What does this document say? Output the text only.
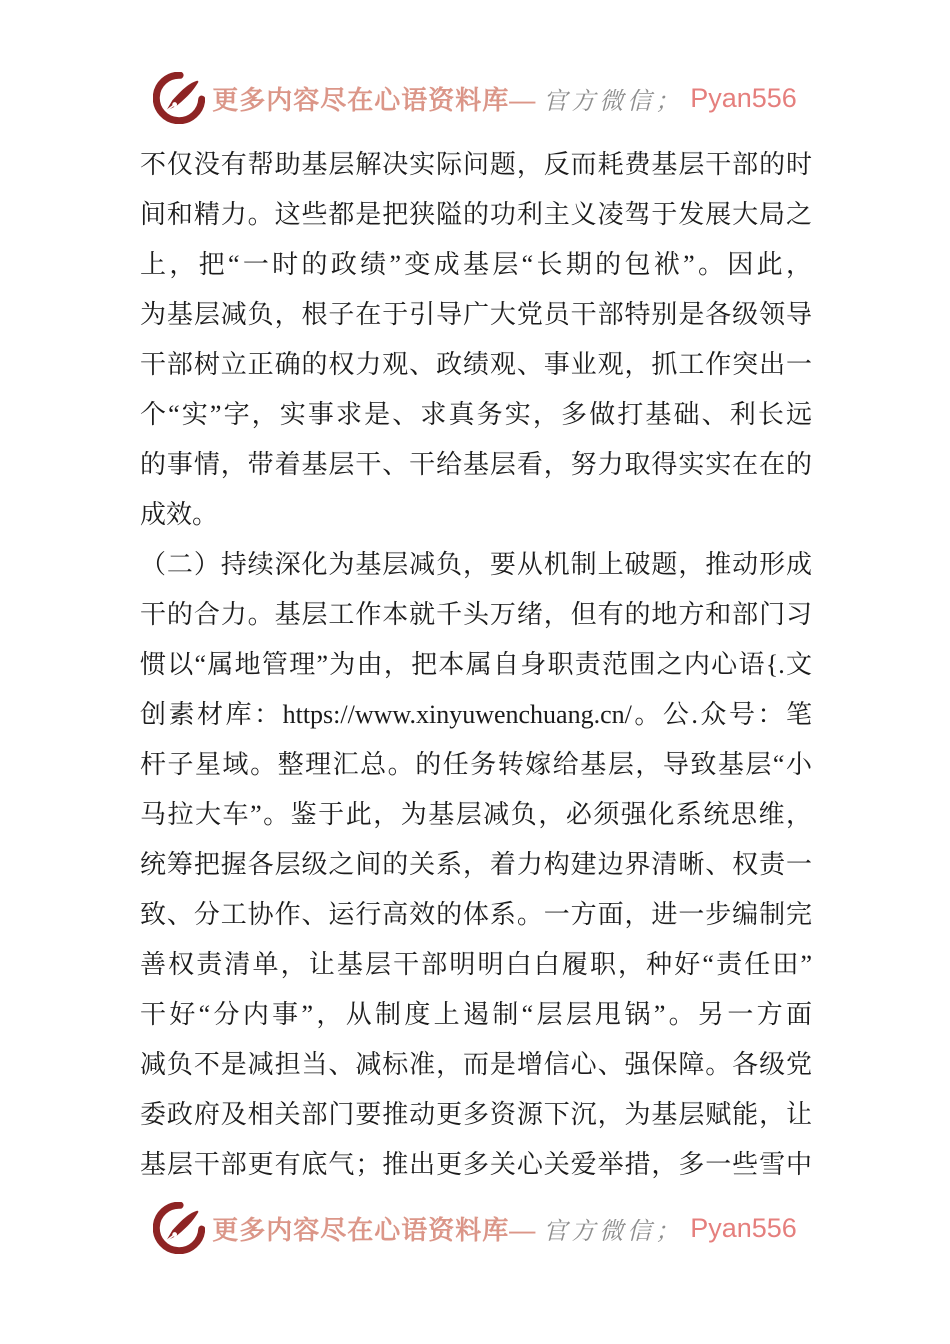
更多内容尽在心语资料库— 官方微信； Pyan556
不仅没有帮助基层解决实际问题，反而耗费基层干部的时
间和精力。这些都是把狭隘的功利主义凌驾于发展大局之
上，把“一时的政绩”变成基层“长期的包袱”。因此，
为基层减负，根子在于引导广大党员干部特别是各级领导
干部树立正确的权力观、政绩观、事业观，抓工作突出一
个“实”字，实事求是、求真务实，多做打基础、利长远
的事情，带着基层干、干给基层看，努力取得实实在在的
成效。
（二）持续深化为基层减负，要从机制上破题，推动形成
干的合力。基层工作本就千头万绪，但有的地方和部门习
惯以“属地管理”为由，把本属自身职责范围之内心语{.文
创素材库：https://www.xinyuwenchuang.cn/。公.众号：笔
杆子星域。整理汇总。的任务转嫁给基层，导致基层“小
马拉大车”。鉴于此，为基层减负，必须强化系统思维，
统筹把握各层级之间的关系，着力构建边界清晰、权责一
致、分工协作、运行高效的体系。一方面，进一步编制完
善权责清单，让基层干部明明白白履职，种好“责任田”
干好“分内事”，从制度上遏制“层层甩锅”。另一方面
减负不是减担当、减标准，而是增信心、强保障。各级党
委政府及相关部门要推动更多资源下沉，为基层赋能，让
基层干部更有底气；推出更多关心关爱举措，多一些雪中
更多内容尽在心语资料库— 官方微信； Pyan556
